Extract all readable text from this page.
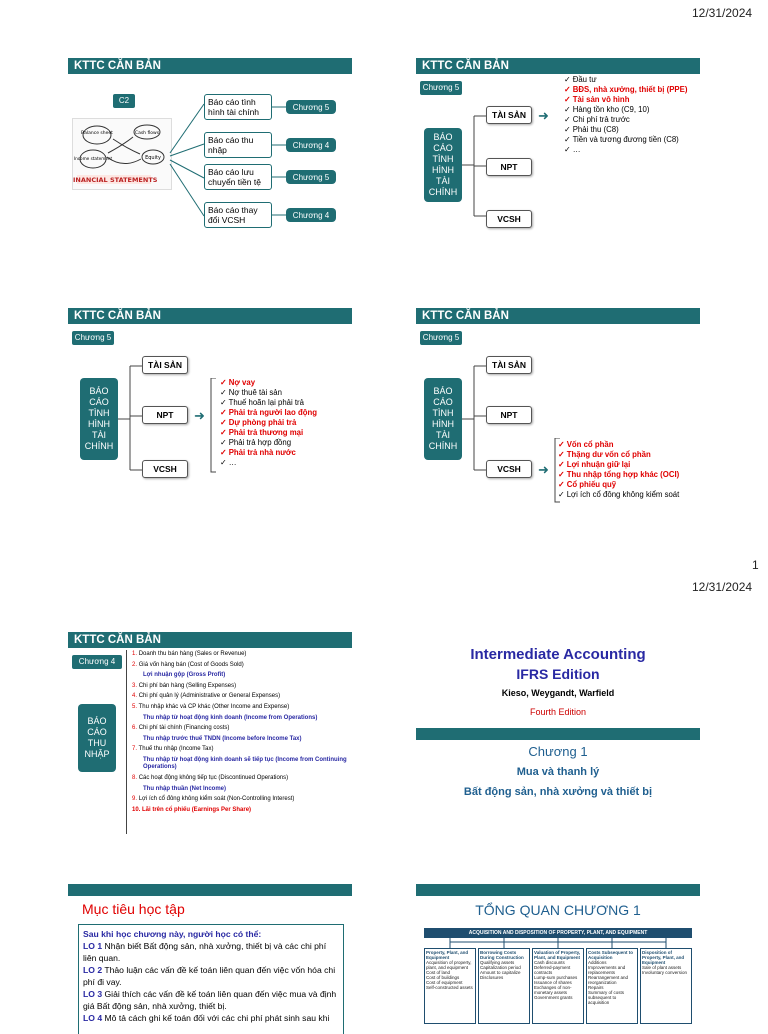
12/31/2024
KTTC CĂN BẢN
C2
Balance sheet	Cash flows
Income statement	Equity
FINANCIAL STATEMENTS
Báo cáo tình hình tài chính
Báo cáo thu nhập
Báo cáo lưu chuyển tiền tệ
Báo cáo thay đổi VCSH
Chương 5
Chương 4
Chương 5
Chương 4
KTTC CĂN BẢN
Chương 5
BÁO CÁO TÌNH HÌNH TÀI CHÍNH
TÀI SẢN
NPT
VCSH
➜
✓ Đầu tư
✓ BĐS, nhà xưởng, thiết bị (PPE)
✓ Tài sản vô hình
✓ Hàng tồn kho (C9, 10)
✓ Chi phí trả trước
✓ Phải thu (C8)
✓ Tiền và tương đương tiền (C8)
✓ …
KTTC CĂN BẢN
Chương 5
BÁO CÁO TÌNH HÌNH TÀI CHÍNH
TÀI SẢN
NPT
VCSH
➜
✓ Nợ vay
✓ Nợ thuê tài sản
✓ Thuế hoãn lại phải trả
✓ Phải trả người lao động
✓ Dự phòng phải trả
✓ Phải trả thương mại
✓ Phải trả hợp đồng
✓ Phải trả nhà nước
✓ …
KTTC CĂN BẢN
Chương 5
BÁO CÁO TÌNH HÌNH TÀI CHÍNH
TÀI SẢN
NPT
VCSH	➜
✓ Vốn cổ phần
✓ Thặng dư vốn cổ phần
✓ Lợi nhuận giữ lại
✓ Thu nhập tổng hợp khác (OCI)
✓ Cổ phiếu quỹ
✓ Lợi ích cổ đông không kiểm soát
1
12/31/2024
KTTC CĂN BẢN
Chương 4
BÁO CÁO THU NHẬP
1. Doanh thu bán hàng (Sales or Revenue)
2. Giá vốn hàng bán (Cost of Goods Sold)
Lợi nhuận gộp (Gross Profit)
3. Chi phí bán hàng (Selling Expenses)
4. Chi phí quản lý (Administrative or General Expenses)
5. Thu nhập khác và CP khác (Other Income and Expense)
Thu nhập từ hoạt động kinh doanh (Income from Operations)
6. Chi phí tài chính (Financing costs)
Thu nhập trước thuế TNDN (Income before Income Tax)
7. Thuế thu nhập (Income Tax)
Thu nhập từ hoạt động kinh doanh sẽ tiếp tục (Income from Continuing Operations)
8. Các hoạt động không tiếp tục (Discontinued Operations)
Thu nhập thuần (Net Income)
9. Lợi ích cổ đông không kiểm soát (Non-Controlling Interest)
10. Lãi trên cổ phiếu (Earnings Per Share)
Intermediate Accounting
IFRS Edition
Kieso, Weygandt, Warfield
Fourth Edition
Chương 1
Mua và thanh lý
Bất động sản, nhà xưởng và thiết bị
Mục tiêu học tập
Sau khi học chương này, người học có thể:
LO 1 Nhận biết Bất động sản, nhà xưởng, thiết bị và các chi phí liên quan.
LO 2 Thảo luận các vấn đề kế toán liên quan đến việc vốn hóa chi phí đi vay.
LO 3 Giải thích các vấn đề kế toán liên quan đến việc mua và định giá Bất động sản, nhà xưởng, thiết bị.
LO 4 Mô tả cách ghi kế toán đối với các chi phí phát sinh sau khi
TỔNG QUAN CHƯƠNG 1
ACQUISITION AND DISPOSITION OF PROPERTY, PLANT, AND EQUIPMENT
Property, Plant, and Equipment
Acquisition of property, plant, and equipment
Cost of land
Cost of buildings
Cost of equipment
Self-constructed assets
Borrowing Costs During Construction
Qualifying assets
Capitalization period
Amount to capitalize
Disclosures
Valuation of Property, Plant, and Equipment
Cash discounts
Deferred-payment contracts
Lump-sum purchases
Issuance of shares
Exchanges of non-monetary assets
Government grants
Costs Subsequent to Acquisition
Additions
Improvements and replacements
Rearrangement and reorganization
Repairs
Summary of costs subsequent to acquisition
Disposition of Property, Plant, and Equipment
Sale of plant assets
Involuntary conversion
